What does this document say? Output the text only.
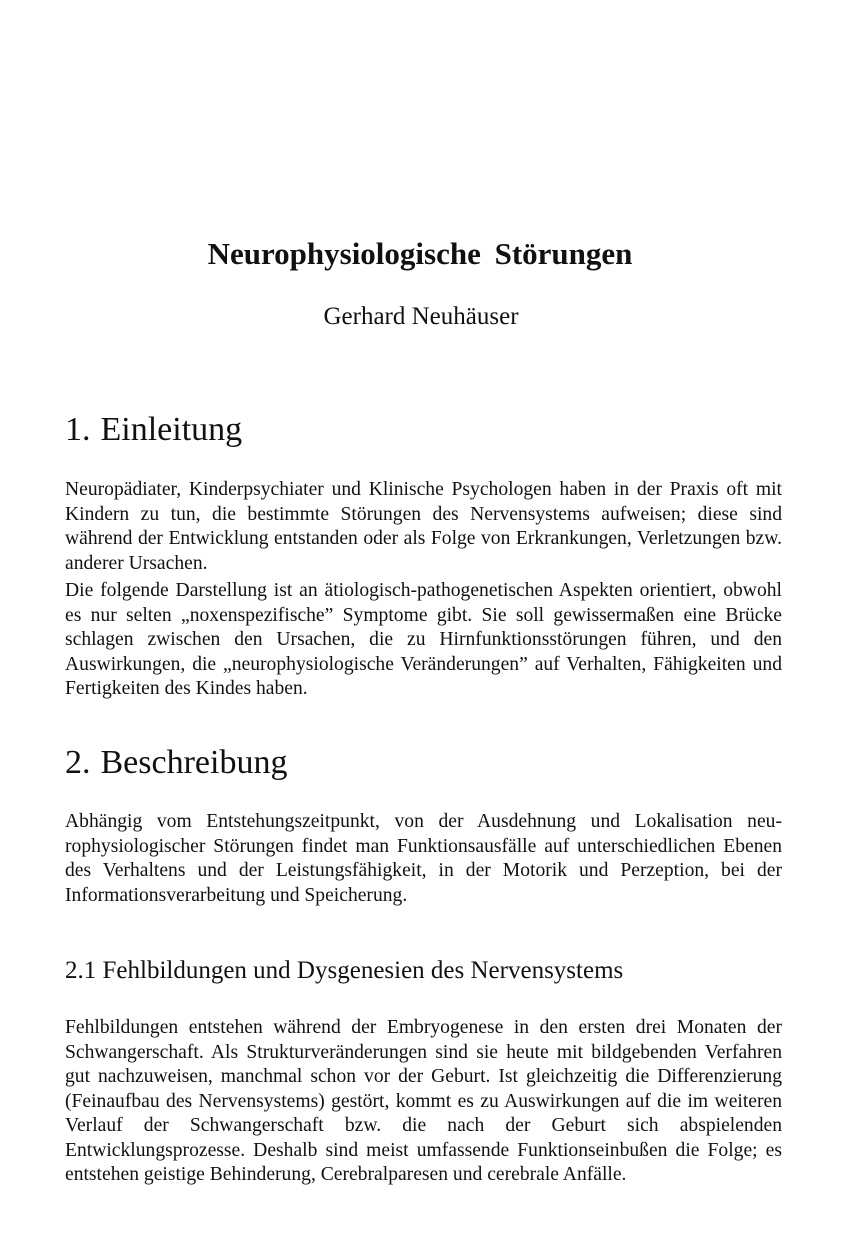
Neurophysiologische Störungen
Gerhard Neuhäuser
1. Einleitung

Neuropädiater, Kinderpsychiater und Klinische Psychologen haben in der Praxis oft mit Kindern zu tun, die bestimmte Störungen des Nervensystems aufweisen; diese sind während der Entwicklung entstanden oder als Folge von Erkrankungen, Verletzungen bzw. anderer Ursachen.

Die folgende Darstellung ist an ätiologisch-pathogenetischen Aspekten orientiert, obwohl es nur selten „noxenspezifische” Symptome gibt. Sie soll gewissermaßen eine Brücke schlagen zwischen den Ursachen, die zu Hirnfunktionsstörungen führen, und den Auswirkungen, die „neurophysiologische Veränderungen” auf Verhalten, Fähigkeiten und Fertigkeiten des Kindes haben.

2. Beschreibung

Abhängig vom Entstehungszeitpunkt, von der Ausdehnung und Lokalisation neurophysiologischer Störungen findet man Funktionsausfälle auf unterschiedlichen Ebenen des Verhaltens und der Leistungsfähigkeit, in der Motorik und Perzeption, bei der Informationsverarbeitung und Speicherung.

2.1 Fehlbildungen und Dysgenesien des Nervensystems

Fehlbildungen entstehen während der Embryogenese in den ersten drei Monaten der Schwangerschaft. Als Strukturveränderungen sind sie heute mit bildgebenden Verfahren gut nachzuweisen, manchmal schon vor der Geburt. Ist gleichzeitig die Differenzierung (Feinaufbau des Nervensystems) gestört, kommt es zu Auswirkungen auf die im weiteren Verlauf der Schwangerschaft bzw. die nach der Geburt sich abspielenden Entwicklungsprozesse. Deshalb sind meist umfassende Funktionseinbußen die Folge; es entstehen geistige Behinderung, Cerebralparesen und cerebrale Anfälle.
